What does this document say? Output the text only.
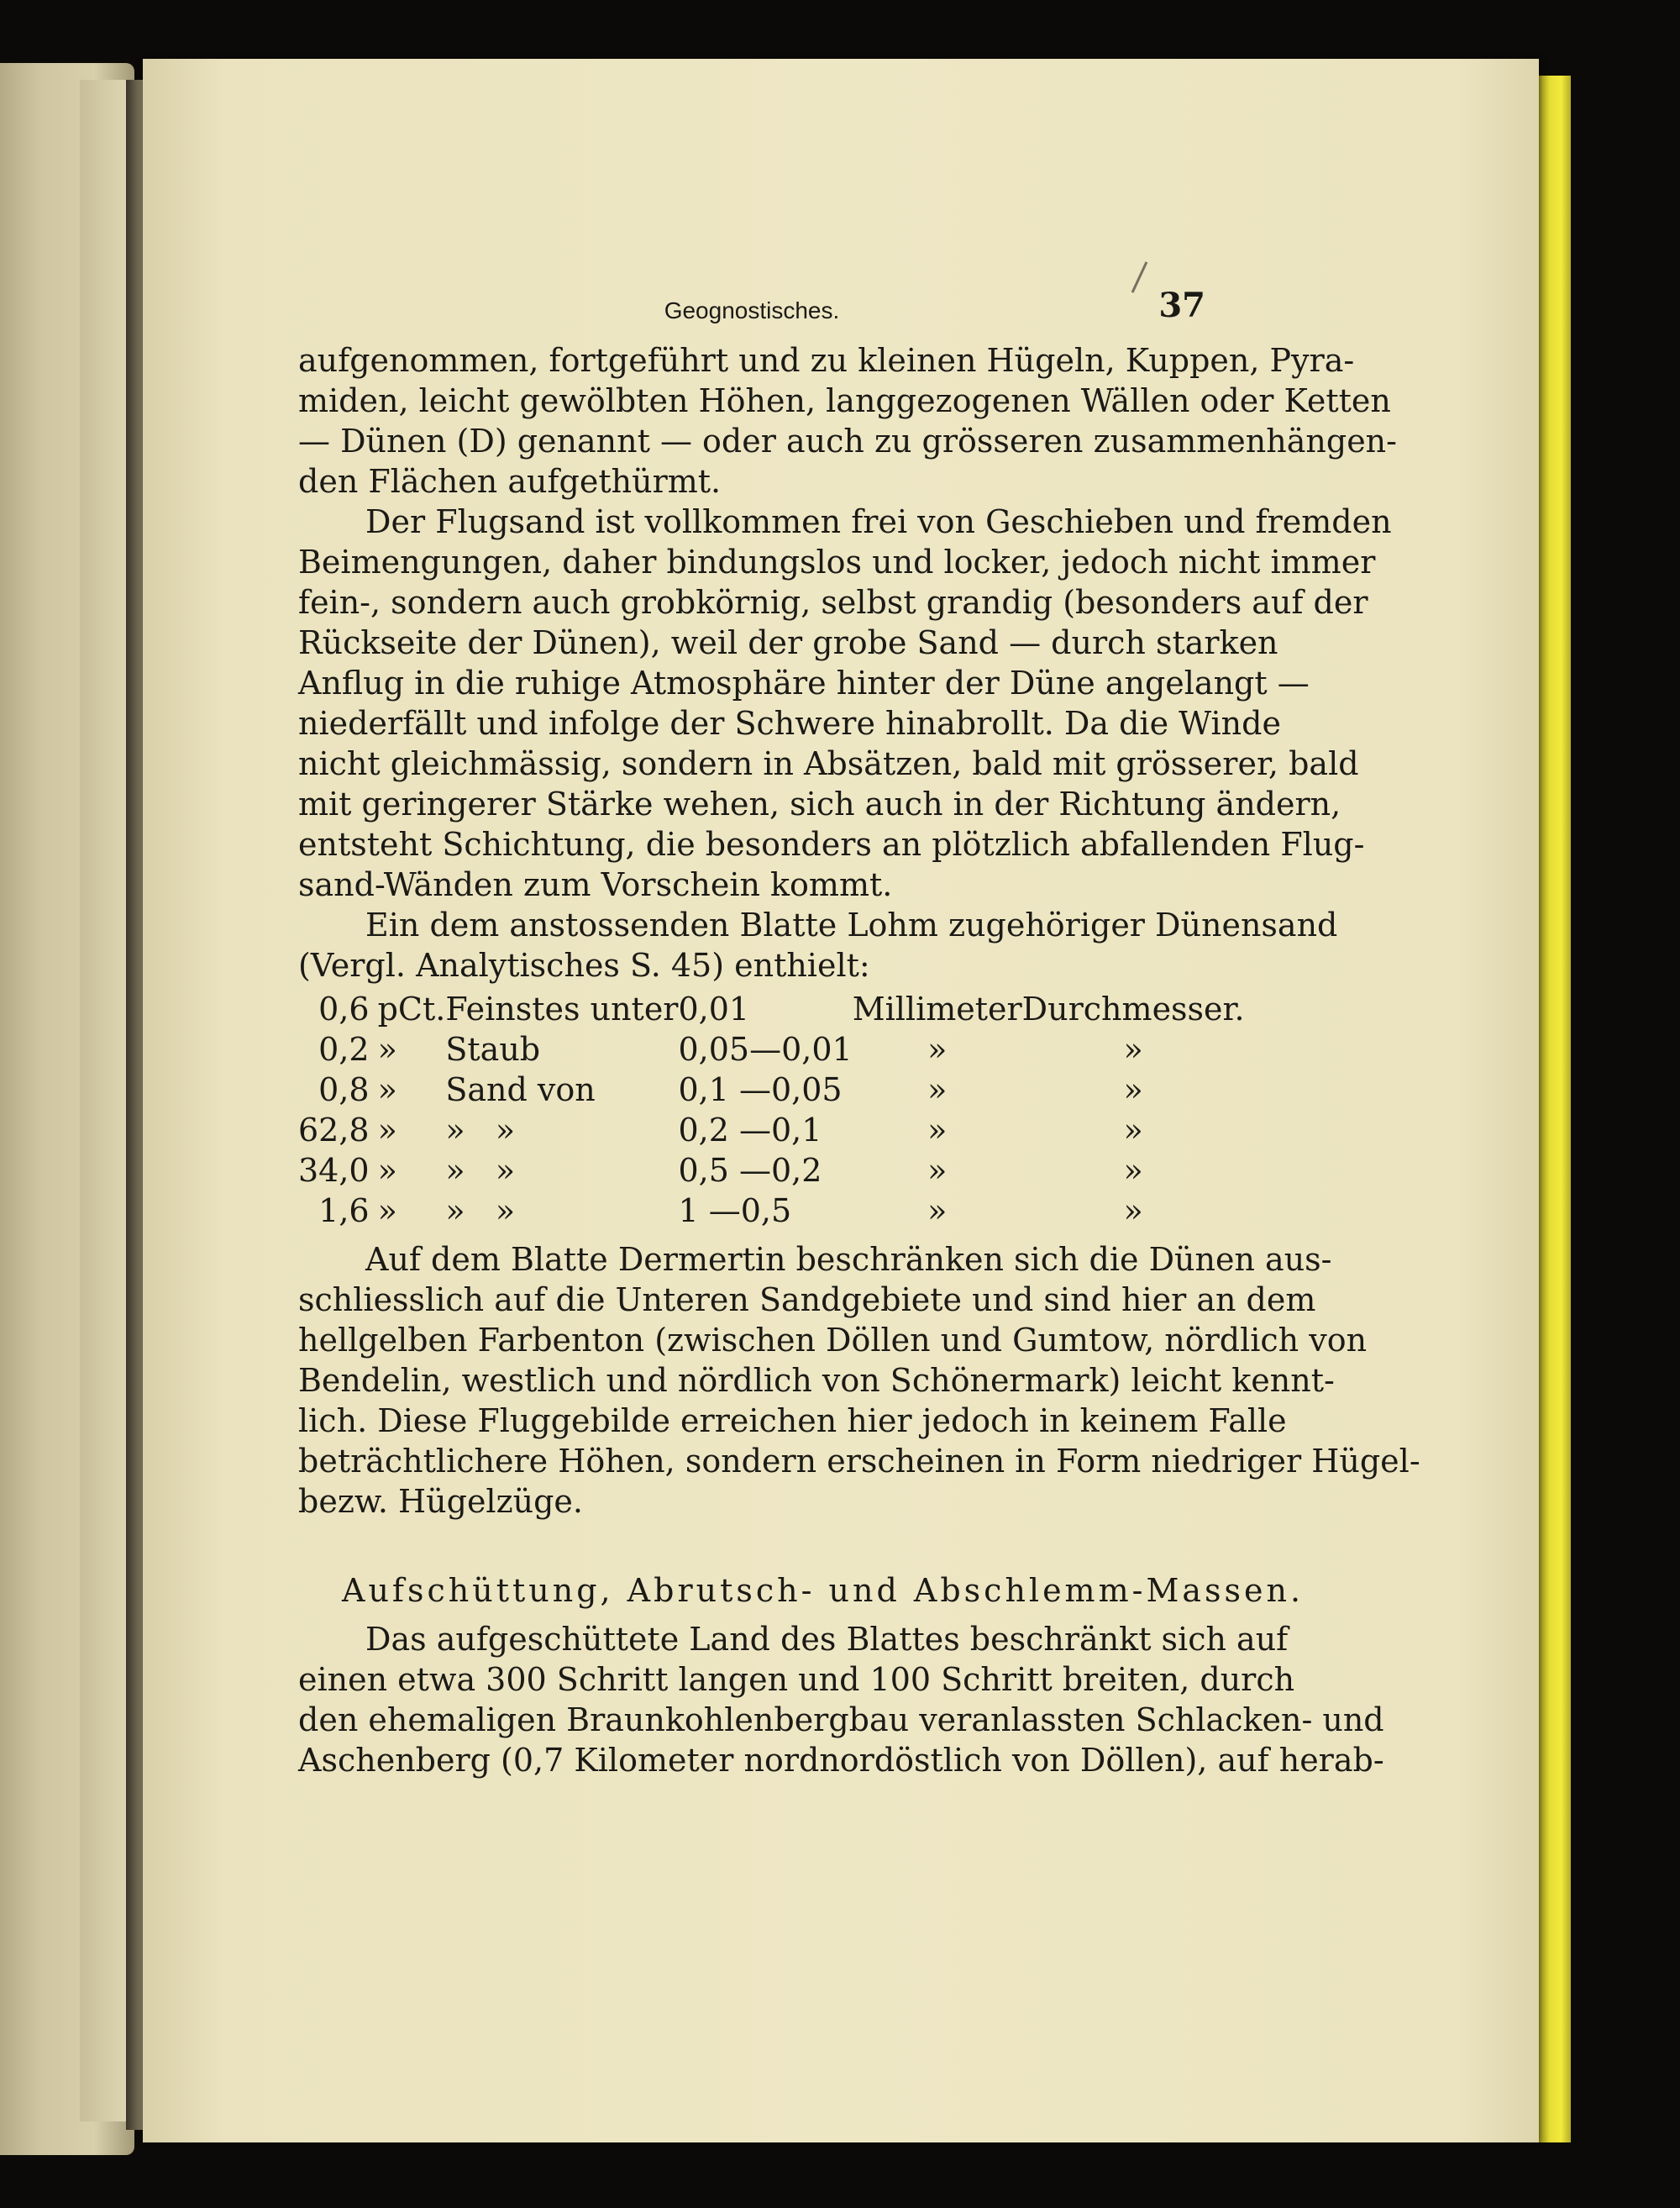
Geognostisches.	37
aufgenommen, fortgeführt und zu kleinen Hügeln, Kuppen, Pyra-
miden, leicht gewölbten Höhen, langgezogenen Wällen oder Ketten
— Dünen (D) genannt — oder auch zu grösseren zusammenhängen-
den Flächen aufgethürmt.
Der Flugsand ist vollkommen frei von Geschieben und fremden
Beimengungen, daher bindungslos und locker, jedoch nicht immer
fein-, sondern auch grobkörnig, selbst grandig (besonders auf der
Rückseite der Dünen), weil der grobe Sand — durch starken
Anflug in die ruhige Atmosphäre hinter der Düne angelangt —
niederfällt und infolge der Schwere hinabrollt. Da die Winde
nicht gleichmässig, sondern in Absätzen, bald mit grösserer, bald
mit geringerer Stärke wehen, sich auch in der Richtung ändern,
entsteht Schichtung, die besonders an plötzlich abfallenden Flug-
sand-Wänden zum Vorschein kommt.
Ein dem anstossenden Blatte Lohm zugehöriger Dünensand
(Vergl. Analytisches S. 45) enthielt:
0,6	pCt.	Feinstes unter	0,01	Millimeter	Durchmesser.
0,2	»	Staub	0,05—0,01	»	»
0,8	»	Sand von	0,1 —0,05	»	»
62,8	»	»   »	0,2 —0,1	»	»
34,0	»	»   »	0,5 —0,2	»	»
1,6	»	»   »	1 —0,5	»	»
Auf dem Blatte Dermertin beschränken sich die Dünen aus-
schliesslich auf die Unteren Sandgebiete und sind hier an dem
hellgelben Farbenton (zwischen Döllen und Gumtow, nördlich von
Bendelin, westlich und nördlich von Schönermark) leicht kennt-
lich. Diese Fluggebilde erreichen hier jedoch in keinem Falle
beträchtlichere Höhen, sondern erscheinen in Form niedriger Hügel-
bezw. Hügelzüge.
Aufschüttung, Abrutsch- und Abschlemm-Massen.
Das aufgeschüttete Land des Blattes beschränkt sich auf
einen etwa 300 Schritt langen und 100 Schritt breiten, durch
den ehemaligen Braunkohlenbergbau veranlassten Schlacken- und
Aschenberg (0,7 Kilometer nordnordöstlich von Döllen), auf herab-
